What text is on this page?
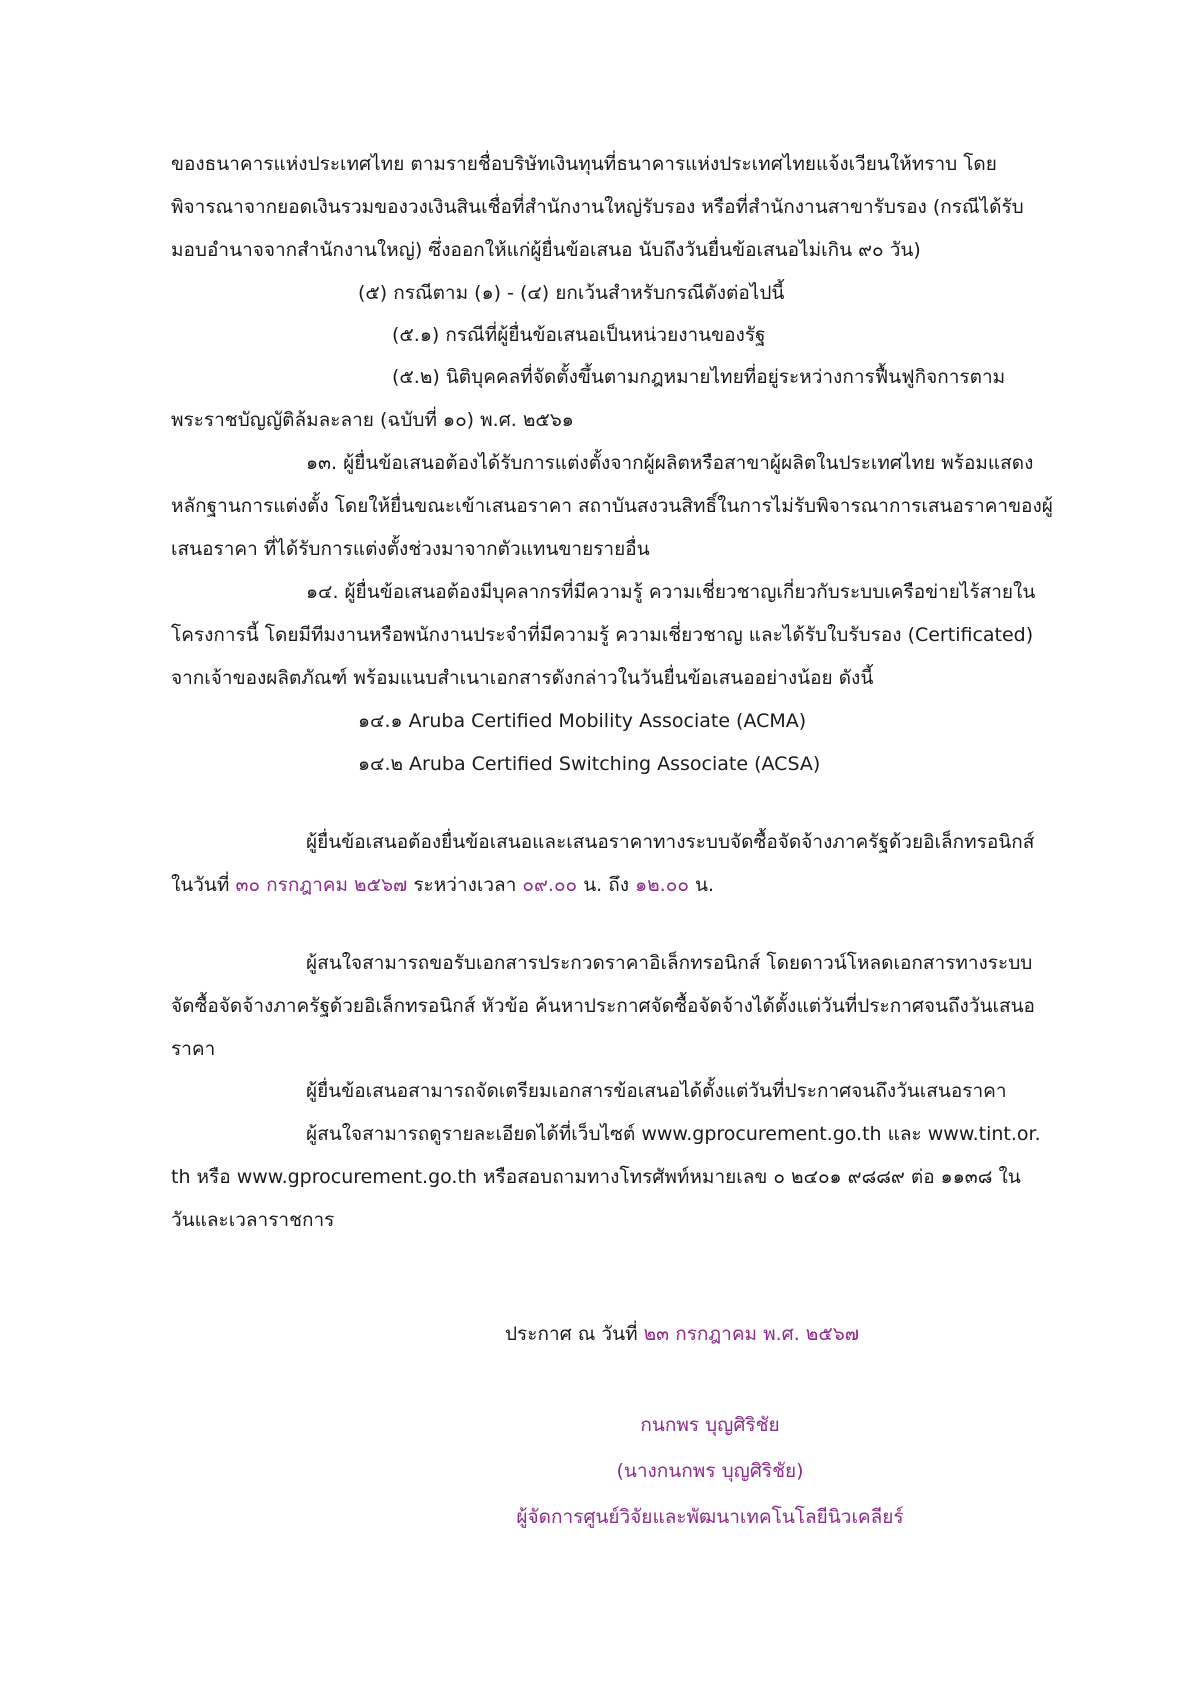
ของธนาคารแห่งประเทศไทย ตามรายชื่อบริษัทเงินทุนที่ธนาคารแห่งประเทศไทยแจ้งเวียนให้ทราบ โดย
พิจารณาจากยอดเงินรวมของวงเงินสินเชื่อที่สำนักงานใหญ่รับรอง หรือที่สำนักงานสาขารับรอง (กรณีได้รับ
มอบอำนาจจากสำนักงานใหญ่) ซึ่งออกให้แก่ผู้ยื่นข้อเสนอ นับถึงวันยื่นข้อเสนอไม่เกิน ๙๐ วัน)
(๕) กรณีตาม (๑) - (๔) ยกเว้นสำหรับกรณีดังต่อไปนี้
(๕.๑) กรณีที่ผู้ยื่นข้อเสนอเป็นหน่วยงานของรัฐ
(๕.๒) นิติบุคคลที่จัดตั้งขึ้นตามกฎหมายไทยที่อยู่ระหว่างการฟื้นฟูกิจการตาม
พระราชบัญญัติล้มละลาย (ฉบับที่ ๑๐) พ.ศ. ๒๕๖๑
๑๓. ผู้ยื่นข้อเสนอต้องได้รับการแต่งตั้งจากผู้ผลิตหรือสาขาผู้ผลิตในประเทศไทย พร้อมแสดง
หลักฐานการแต่งตั้ง โดยให้ยื่นขณะเข้าเสนอราคา สถาบันสงวนสิทธิ์ในการไม่รับพิจารณาการเสนอราคาของผู้
เสนอราคา ที่ได้รับการแต่งตั้งช่วงมาจากตัวแทนขายรายอื่น
๑๔. ผู้ยื่นข้อเสนอต้องมีบุคลากรที่มีความรู้ ความเชี่ยวชาญเกี่ยวกับระบบเครือข่ายไร้สายใน
โครงการนี้ โดยมีทีมงานหรือพนักงานประจำที่มีความรู้ ความเชี่ยวชาญ และได้รับใบรับรอง (Certificated)
จากเจ้าของผลิตภัณฑ์ พร้อมแนบสำเนาเอกสารดังกล่าวในวันยื่นข้อเสนออย่างน้อย ดังนี้
๑๔.๑ Aruba Certified Mobility Associate (ACMA)
๑๔.๒ Aruba Certified Switching Associate (ACSA)
ผู้ยื่นข้อเสนอต้องยื่นข้อเสนอและเสนอราคาทางระบบจัดซื้อจัดจ้างภาครัฐด้วยอิเล็กทรอนิกส์
ในวันที่ ๓๐ กรกฎาคม ๒๕๖๗ ระหว่างเวลา ๐๙.๐๐ น. ถึง ๑๒.๐๐ น.
ผู้สนใจสามารถขอรับเอกสารประกวดราคาอิเล็กทรอนิกส์ โดยดาวน์โหลดเอกสารทางระบบ
จัดซื้อจัดจ้างภาครัฐด้วยอิเล็กทรอนิกส์ หัวข้อ ค้นหาประกาศจัดซื้อจัดจ้างได้ตั้งแต่วันที่ประกาศจนถึงวันเสนอ
ราคา
ผู้ยื่นข้อเสนอสามารถจัดเตรียมเอกสารข้อเสนอได้ตั้งแต่วันที่ประกาศจนถึงวันเสนอราคา
ผู้สนใจสามารถดูรายละเอียดได้ที่เว็บไซต์ www.gprocurement.go.th และ www.tint.or.
th หรือ www.gprocurement.go.th หรือสอบถามทางโทรศัพท์หมายเลข ๐ ๒๔๐๑ ๙๘๘๙ ต่อ ๑๑๓๘ ใน
วันและเวลาราชการ
ประกาศ ณ วันที่ ๒๓ กรกฎาคม พ.ศ. ๒๕๖๗
กนกพร บุญศิริชัย
(นางกนกพร บุญศิริชัย)
ผู้จัดการศูนย์วิจัยและพัฒนาเทคโนโลยีนิวเคลียร์
